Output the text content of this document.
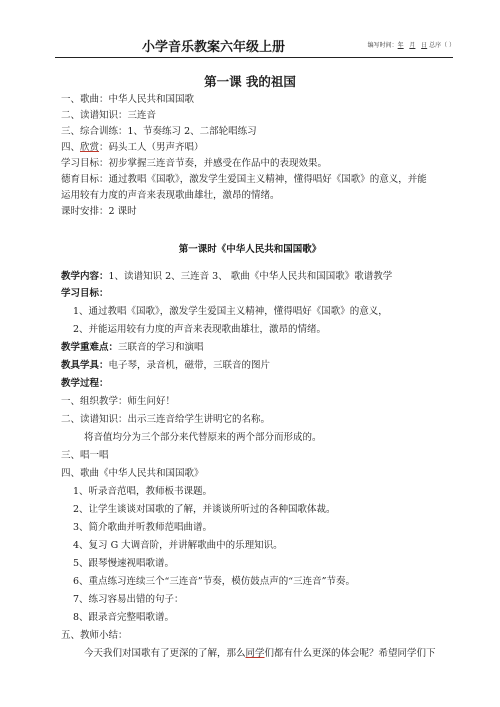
小学音乐教案六年级上册	编写时间：年 月 日 总序（ ）
第一课 我的祖国
一、歌曲：中华人民共和国国歌
二、读谱知识：三连音
三、综合训练：1、节奏练习 2、二部轮唱练习
四、欣赏：码头工人（男声齐唱）
学习目标：初步掌握三连音节奏，并感受在作品中的表现效果。
德育目标：通过教唱《国歌》，激发学生爱国主义精神，懂得唱好《国歌》的意义，并能
运用较有力度的声音来表现歌曲雄壮，激昂的情绪。
课时安排：2 课时
第一课时《中华人民共和国国歌》
教学内容：1、读谱知识 2、三连音 3、 歌曲《中华人民共和国国歌》歌谱教学
学习目标：
1、通过教唱《国歌》，激发学生爱国主义精神，懂得唱好《国歌》的意义，
2、并能运用较有力度的声音来表现歌曲雄壮，激昂的情绪。
教学重难点：三联音的学习和演唱
教具学具：电子琴，录音机，磁带，三联音的图片
教学过程：
一、组织教学：师生问好！
二、读谱知识：出示三连音给学生讲明它的名称。
将音值均分为三个部分来代替原来的两个部分而形成的。
三、唱一唱
四、歌曲《中华人民共和国国歌》
1、听录音范唱，教师板书课题。
2、让学生谈谈对国歌的了解，并谈谈所听过的各种国歌体裁。
3、简介歌曲并听教师范唱曲谱。
4、复习 G 大调音阶，并讲解歌曲中的乐理知识。
5、跟琴慢速视唱歌谱。
6、重点练习连续三个“三连音”节奏，模仿鼓点声的“三连音”节奏。
7、练习容易出错的句子：
8、跟录音完整唱歌谱。
五、教师小结：
今天我们对国歌有了更深的了解，那么同学们都有什么更深的体会呢？希望同学们下
